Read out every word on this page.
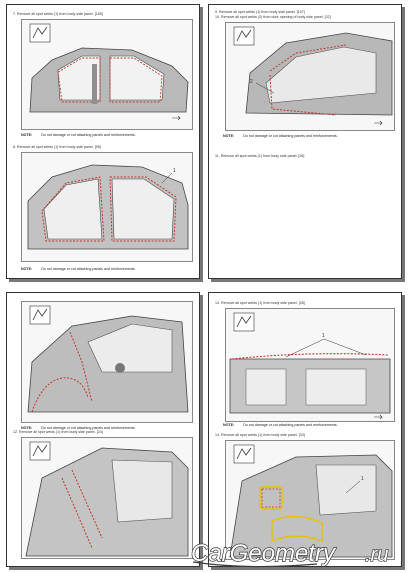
7. Remove all spot welds (1) from body side panel. [155]
NOTE:	Do not damage or cut attaching panels and reinforcements.
8. Remove all spot welds (1) from body side panel. [95]
1
NOTE:	Do not damage or cut attaching panels and reinforcements.
9. Remove all spot welds (1) from body side panel. [107]
10. Remove all spot welds (2) from door opening of body side panel. [32]
2
NOTE:	Do not damage or cut attaching panels and reinforcements.
11. Remove all spot welds (1) from body side panel. [26]
NOTE:	Do not damage or cut attaching panels and reinforcements.
12. Remove all spot welds (1) from body side panel. [24]
13. Remove all spot welds (1) from body side panel. [28]
1
NOTE:	Do not damage or cut attaching panels and reinforcements.
14. Remove all spot welds (1) from body side panel. [33]
1
CarGeometry .ru
